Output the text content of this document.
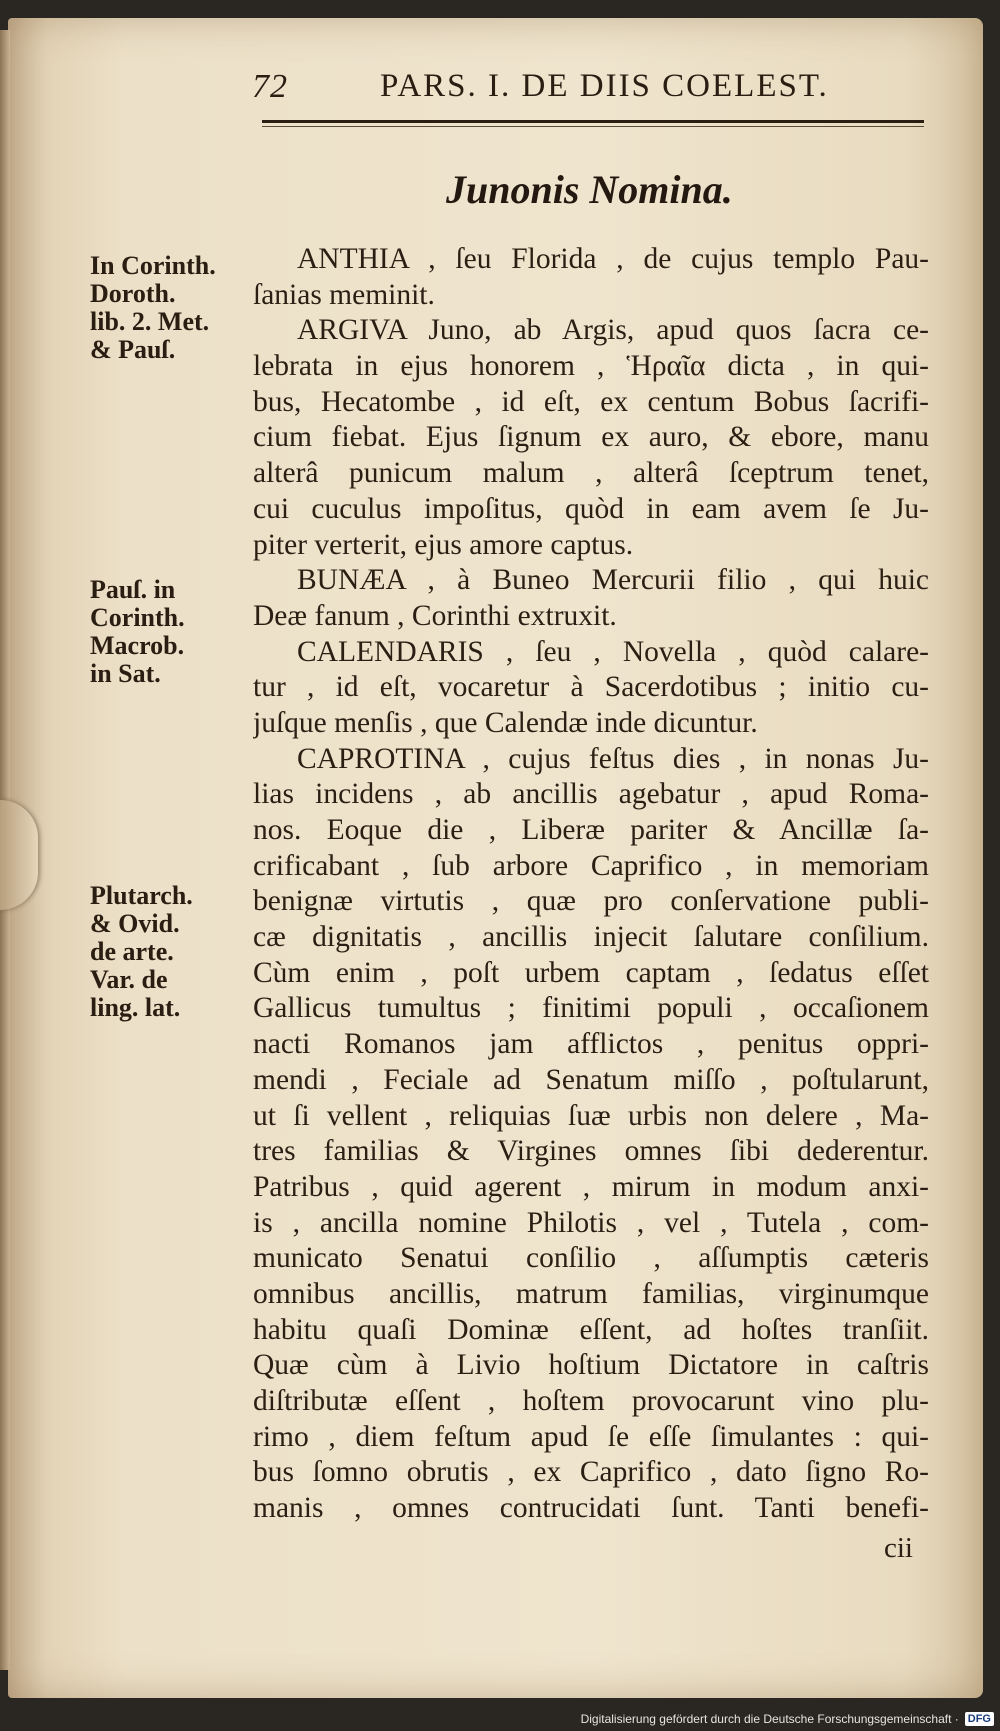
72	PARS. I. DE DIIS COELEST.
Junonis Nomina.
In Corinth.
Doroth.
lib. 2. Met.
& Pauſ.
Pauſ. in
Corinth.
Macrob.
in Sat.
Plutarch.
& Ovid.
de arte.
Var. de
ling. lat.
ANTHIA , ſeu Florida , de cujus templo Pau-
ſanias meminit.
ARGIVA Juno, ab Argis, apud quos ſacra ce-
lebrata in ejus honorem , Ἡραῖα dicta , in qui-
bus, Hecatombe , id eſt, ex centum Bobus ſacrifi-
cium fiebat. Ejus ſignum ex auro, & ebore, manu
alterâ punicum malum , alterâ ſceptrum tenet,
cui cuculus impoſitus, quòd in eam avem ſe Ju-
piter verterit, ejus amore captus.
BUNÆA , à Buneo Mercurii filio , qui huic
Deæ fanum , Corinthi extruxit.
CALENDARIS , ſeu , Novella , quòd calare-
tur , id eſt, vocaretur à Sacerdotibus ; initio cu-
juſque menſis , que Calendæ inde dicuntur.
CAPROTINA , cujus feſtus dies , in nonas Ju-
lias incidens , ab ancillis agebatur , apud Roma-
nos. Eoque die , Liberæ pariter & Ancillæ ſa-
crificabant , ſub arbore Caprifico , in memoriam
benignæ virtutis , quæ pro conſervatione publi-
cæ dignitatis , ancillis injecit ſalutare conſilium.
Cùm enim , poſt urbem captam , ſedatus eſſet
Gallicus tumultus ; finitimi populi , occaſionem
nacti Romanos jam afflictos , penitus oppri-
mendi , Feciale ad Senatum miſſo , poſtularunt,
ut ſi vellent , reliquias ſuæ urbis non delere , Ma-
tres familias & Virgines omnes ſibi dederentur.
Patribus , quid agerent , mirum in modum anxi-
is , ancilla nomine Philotis , vel , Tutela , com-
municato Senatui conſilio , aſſumptis cæteris
omnibus ancillis, matrum familias, virginumque
habitu quaſi Dominæ eſſent, ad hoſtes tranſiit.
Quæ cùm à Livio hoſtium Dictatore in caſtris
diſtributæ eſſent , hoſtem provocarunt vino plu-
rimo , diem feſtum apud ſe eſſe ſimulantes : qui-
bus ſomno obrutis , ex Caprifico , dato ſigno Ro-
manis , omnes contrucidati ſunt. Tanti benefi-
cii
Digitalisierung gefördert durch die Deutsche Forschungsgemeinschaft · DFG
